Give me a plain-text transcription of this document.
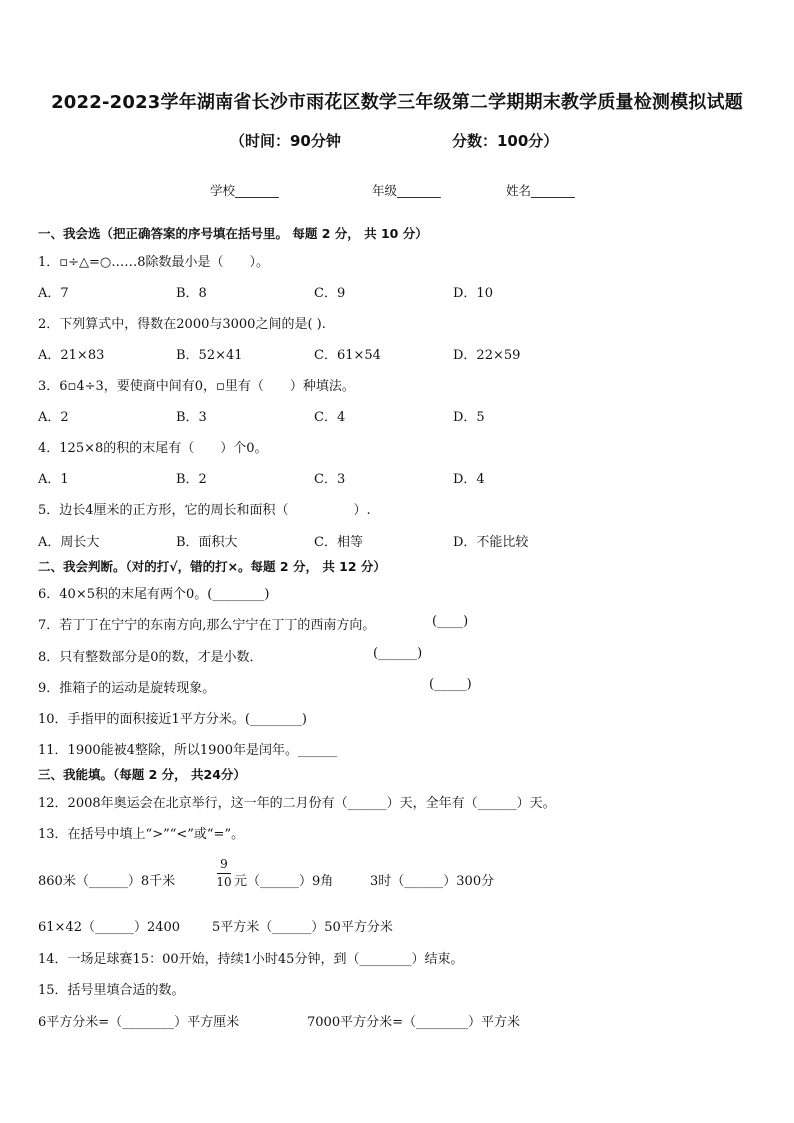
2022-2023学年湖南省长沙市雨花区数学三年级第二学期期末教学质量检测模拟试题
（时间：90分钟	分数：100分）
学校_______	年级_______	姓名_______
一、我会选（把正确答案的序号填在括号里。 每题 2 分， 共 10 分）
1．▫÷△=○……8除数最小是（　　）。
A．7	B．8	C．9	D．10
2．下列算式中，得数在2000与3000之间的是( ).
A．21×83	B．52×41	C．61×54	D．22×59
3．6▫4÷3，要使商中间有0，▫里有（　　）种填法。
A．2	B．3	C．4	D．5
4．125×8的积的末尾有（　　）个0。
A．1	B．2	C．3	D．4
5．边长4厘米的正方形，它的周长和面积（　　　　　）.
A．周长大	B．面积大	C．相等	D．不能比较
二、我会判断。（对的打√，错的打×。每题 2 分， 共 12 分）
6．40×5积的末尾有两个0。(________)
7．若丁丁在宁宁的东南方向,那么宁宁在丁丁的西南方向。	(____)
8．只有整数部分是0的数，才是小数．	(______)
9．推箱子的运动是旋转现象。	(_____)
10．手指甲的面积接近1平方分米。(________)
11．1900能被4整除，所以1900年是闰年。______
三、我能填。（每题 2 分， 共24分）
12．2008年奥运会在北京举行，这一年的二月份有（______）天，全年有（______）天。
13．在括号中填上“>”“<”或“=”。
860米（______）8千米
9
10 元（______）9角	3时（______）300分
61×42（______）2400 5平方米（______）50平方分米
14．一场足球赛15：00开始，持续1小时45分钟，到（________）结束。
15．括号里填合适的数。
6平方分米=（________）平方厘米	7000平方分米=（________）平方米
